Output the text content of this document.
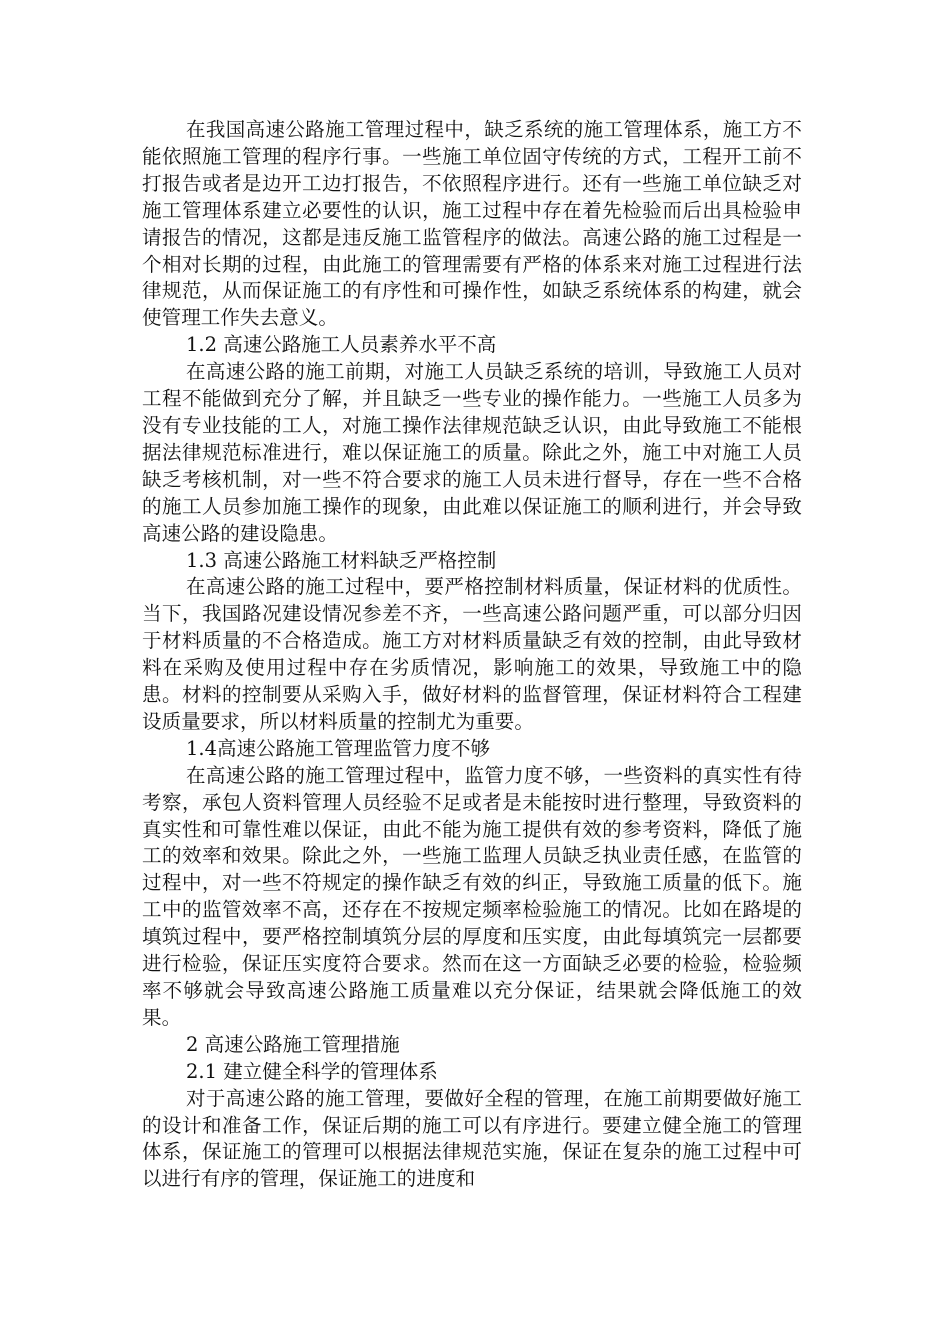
在我国高速公路施工管理过程中，缺乏系统的施工管理体系，施工方不能依照施工管理的程序行事。一些施工单位固守传统的方式，工程开工前不打报告或者是边开工边打报告，不依照程序进行。还有一些施工单位缺乏对施工管理体系建立必要性的认识，施工过程中存在着先检验而后出具检验申请报告的情况，这都是违反施工监管程序的做法。高速公路的施工过程是一个相对长期的过程，由此施工的管理需要有严格的体系来对施工过程进行法律规范，从而保证施工的有序性和可操作性，如缺乏系统体系的构建，就会使管理工作失去意义。

1.2 高速公路施工人员素养水平不高

在高速公路的施工前期，对施工人员缺乏系统的培训，导致施工人员对工程不能做到充分了解，并且缺乏一些专业的操作能力。一些施工人员多为没有专业技能的工人，对施工操作法律规范缺乏认识，由此导致施工不能根据法律规范标准进行，难以保证施工的质量。除此之外，施工中对施工人员缺乏考核机制，对一些不符合要求的施工人员未进行督导，存在一些不合格的施工人员参加施工操作的现象，由此难以保证施工的顺利进行，并会导致高速公路的建设隐患。

1.3 高速公路施工材料缺乏严格控制

在高速公路的施工过程中，要严格控制材料质量，保证材料的优质性。当下，我国路况建设情况参差不齐，一些高速公路问题严重，可以部分归因于材料质量的不合格造成。施工方对材料质量缺乏有效的控制，由此导致材料在采购及使用过程中存在劣质情况，影响施工的效果，导致施工中的隐患。材料的控制要从采购入手，做好材料的监督管理，保证材料符合工程建设质量要求，所以材料质量的控制尤为重要。

1.4高速公路施工管理监管力度不够

在高速公路的施工管理过程中，监管力度不够，一些资料的真实性有待考察，承包人资料管理人员经验不足或者是未能按时进行整理，导致资料的真实性和可靠性难以保证，由此不能为施工提供有效的参考资料，降低了施工的效率和效果。除此之外，一些施工监理人员缺乏执业责任感，在监管的过程中，对一些不符规定的操作缺乏有效的纠正，导致施工质量的低下。施工中的监管效率不高，还存在不按规定频率检验施工的情况。比如在路堤的填筑过程中，要严格控制填筑分层的厚度和压实度，由此每填筑完一层都要进行检验，保证压实度符合要求。然而在这一方面缺乏必要的检验，检验频率不够就会导致高速公路施工质量难以充分保证，结果就会降低施工的效果。

2 高速公路施工管理措施

2.1 建立健全科学的管理体系

对于高速公路的施工管理，要做好全程的管理，在施工前期要做好施工的设计和准备工作，保证后期的施工可以有序进行。要建立健全施工的管理体系，保证施工的管理可以根据法律规范实施，保证在复杂的施工过程中可以进行有序的管理，保证施工的进度和
